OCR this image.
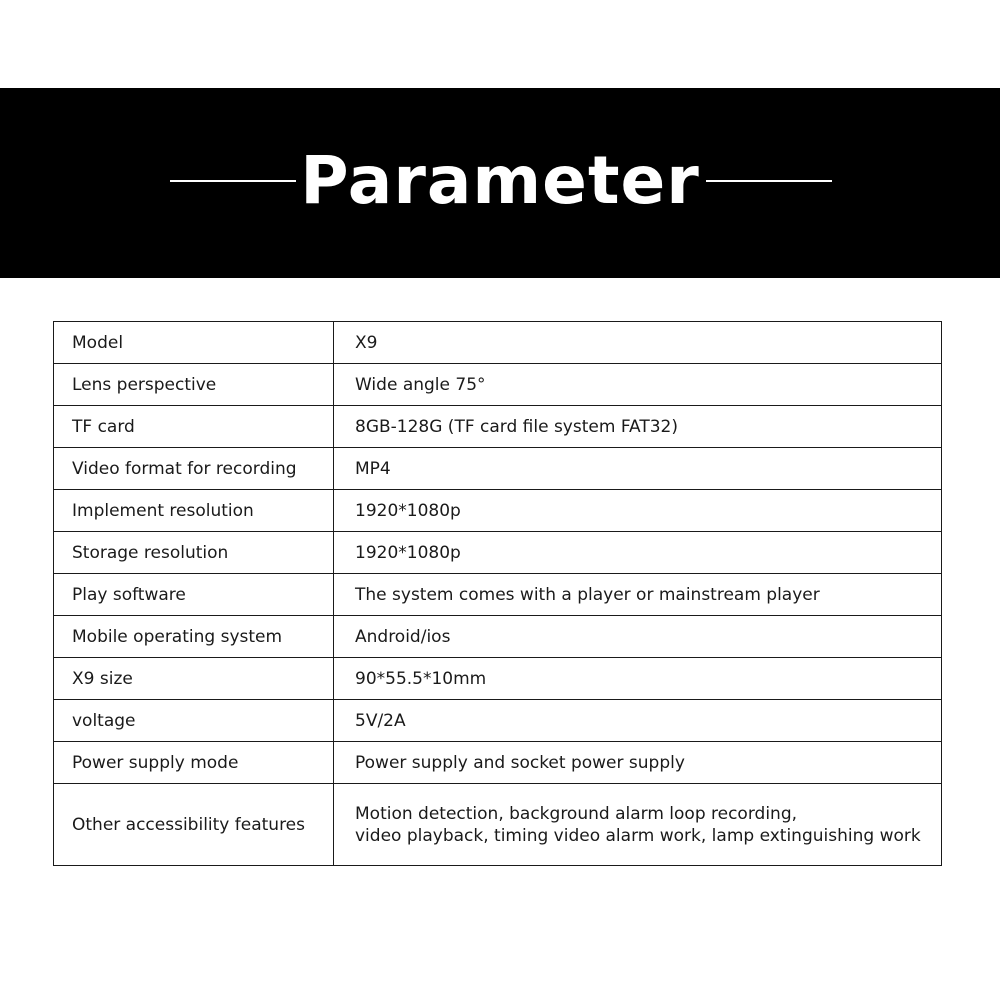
Parameter
Model	X9
Lens perspective	Wide angle 75°
TF card	8GB-128G (TF card file system FAT32)
Video format for recording	MP4
Implement resolution	1920*1080p
Storage resolution	1920*1080p
Play software	The system comes with a player or mainstream player
Mobile operating system	Android/ios
X9 size	90*55.5*10mm
voltage	5V/2A
Power supply mode	Power supply and socket power supply
Other accessibility features	Motion detection, background alarm loop recording,
video playback, timing video alarm work, lamp extinguishing work
